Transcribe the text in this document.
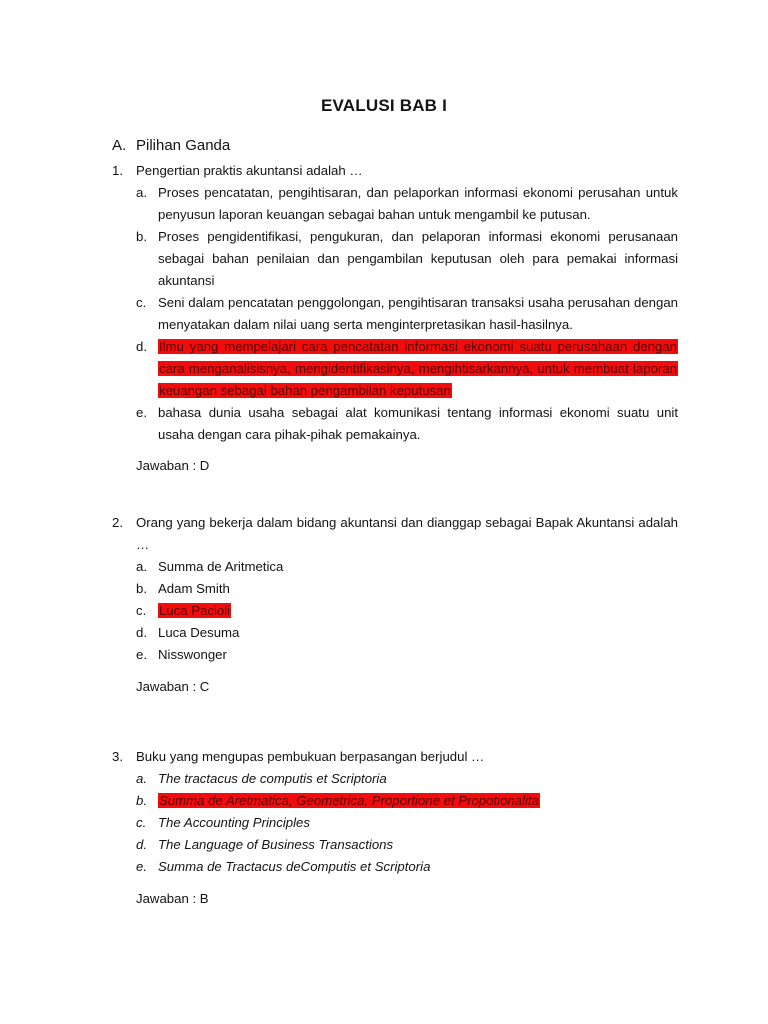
EVALUSI BAB I
A. Pilihan Ganda
1. Pengertian praktis akuntansi adalah …
a. Proses pencatatan, pengihtisaran, dan pelaporkan informasi ekonomi perusahan untuk penyusun laporan keuangan sebagai bahan untuk mengambil ke putusan.
b. Proses pengidentifikasi, pengukuran, dan pelaporan informasi ekonomi perusanaan sebagai bahan penilaian dan pengambilan keputusan oleh para pemakai informasi akuntansi
c. Seni dalam pencatatan penggolongan, pengihtisaran transaksi usaha perusahan dengan menyatakan dalam nilai uang serta menginterpretasikan hasil-hasilnya.
d. Ilmu yang mempelajari cara pencatatan informasi ekonomi suatu perusahaan dengan cara menganalisisnya, mengidentifikasinya, mengihtisarkannya, untuk membuat laporan keuangan sebagai bahan pengambilan keputusan
e. bahasa dunia usaha sebagai alat komunikasi tentang informasi ekonomi suatu unit usaha dengan cara pihak-pihak pemakainya.
Jawaban : D
2. Orang yang bekerja dalam bidang akuntansi dan dianggap sebagai Bapak Akuntansi adalah …
a. Summa de Aritmetica
b. Adam Smith
c. Luca Pacioli
d. Luca Desuma
e. Nisswonger
Jawaban : C
3. Buku yang mengupas pembukuan berpasangan berjudul …
a. The tractacus de computis et Scriptoria
b. Summa de Aretmatica, Geometrica, Proportione et Propotionalita
c. The Accounting Principles
d. The Language of Business Transactions
e. Summa de Tractacus deComputis et Scriptoria
Jawaban : B
